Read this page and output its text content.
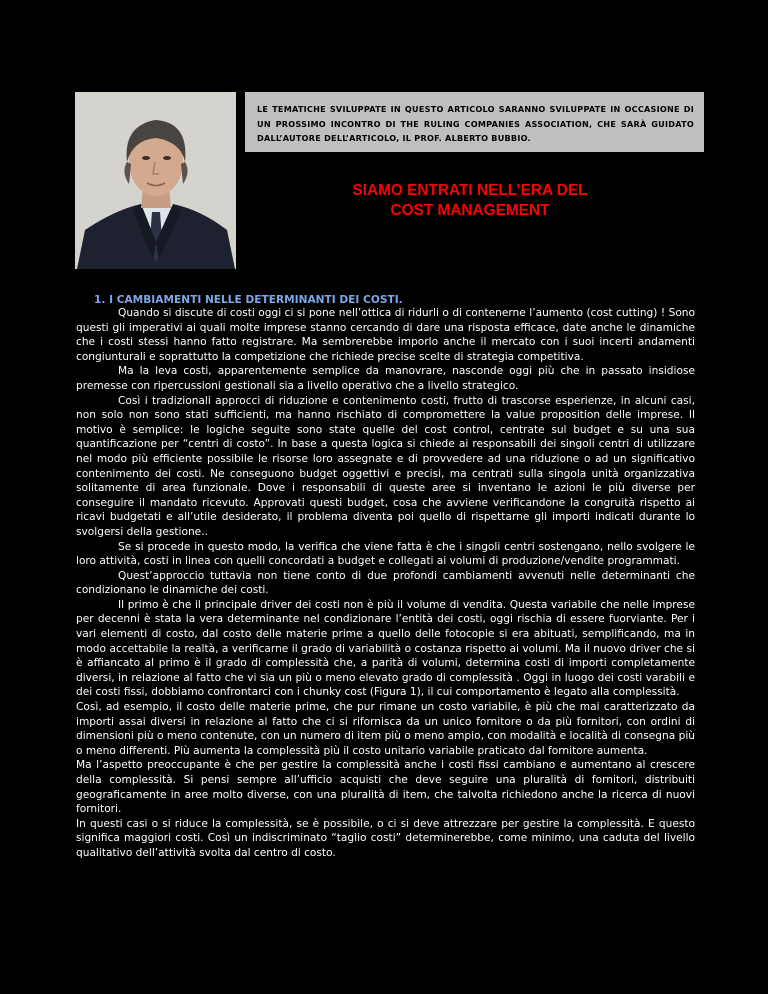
LE TEMATICHE SVILUPPATE IN QUESTO ARTICOLO SARANNO SVILUPPATE IN OCCASIONE DI UN PROSSIMO INCONTRO DI THE RULING COMPANIES ASSOCIATION, CHE SARÀ GUIDATO DALL’AUTORE DELL’ARTICOLO, IL PROF. ALBERTO BUBBIO.
SIAMO ENTRATI NELL’ERA DEL
COST MANAGEMENT
1. I CAMBIAMENTI NELLE DETERMINANTI DEI COSTI.

Quando si discute di costi oggi ci si pone nell’ottica di ridurli o di contenerne l’aumento (cost cutting) ! Sono questi gli imperativi ai quali molte imprese stanno cercando di dare una risposta efficace, date anche le dinamiche che i costi stessi hanno fatto registrare. Ma sembrerebbe imporlo anche il mercato con i suoi incerti andamenti congiunturali e soprattutto la competizione che richiede precise scelte di strategia competitiva.

Ma la leva costi, apparentemente semplice da manovrare, nasconde oggi più che in passato insidiose premesse con ripercussioni gestionali sia a livello operativo che a livello strategico.

Così i tradizionali approcci di riduzione e contenimento costi, frutto di trascorse esperienze, in alcuni casi, non solo non sono stati sufficienti, ma hanno rischiato di compromettere la value proposition delle imprese. Il motivo è semplice: le logiche seguite sono state quelle del cost control, centrate sul budget e su una sua quantificazione per “centri di costo”. In base a questa logica si chiede ai responsabili dei singoli centri di utilizzare nel modo più efficiente possibile le risorse loro assegnate e di provvedere ad una riduzione o ad un significativo contenimento dei costi. Ne conseguono budget oggettivi e precisi, ma centrati sulla singola unità organizzativa solitamente di area funzionale. Dove i responsabili di queste aree si inventano le azioni le più diverse per conseguire il mandato ricevuto. Approvati questi budget, cosa che avviene verificandone la congruità rispetto ai ricavi budgetati e all’utile desiderato, il problema diventa poi quello di rispettarne gli importi indicati durante lo svolgersi della gestione..

Se si procede in questo modo, la verifica che viene fatta è che i singoli centri sostengano, nello svolgere le loro attività, costi in linea con quelli concordati a budget e collegati ai volumi di produzione/vendite programmati.

Quest’approccio tuttavia non tiene conto di due profondi cambiamenti avvenuti nelle determinanti che condizionano le dinamiche dei costi.

Il primo è che il principale driver dei costi non è più il volume di vendita. Questa variabile che nelle imprese per decenni è stata la vera determinante nel condizionare l’entità dei costi, oggi rischia di essere fuorviante. Per i vari elementi di costo, dal costo delle materie prime a quello delle fotocopie si era abituati, semplificando, ma in modo accettabile la realtà, a verificarne il grado di variabilità o costanza rispetto ai volumi. Ma il nuovo driver che si è affiancato al primo è il grado di complessità che, a parità di volumi, determina costi di importi completamente diversi, in relazione al fatto che vi sia un più o meno elevato grado di complessità . Oggi in luogo dei costi varabili e dei costi fissi, dobbiamo confrontarci con i chunky cost (Figura 1), il cui comportamento è legato alla complessità.

Così, ad esempio, il costo delle materie prime, che pur rimane un costo variabile, è più che mai caratterizzato da importi assai diversi in relazione al fatto che ci si rifornisca da un unico fornitore o da più fornitori, con ordini di dimensioni più o meno contenute, con un numero di item più o meno ampio, con modalità e località di consegna più o meno differenti. Più aumenta la complessità più il costo unitario variabile praticato dal fornitore aumenta.

Ma l’aspetto preoccupante è che per gestire la complessità anche i costi fissi cambiano e aumentano al crescere della complessità. Si pensi sempre all’ufficio acquisti che deve seguire una pluralità di fornitori, distribuiti geograficamente in aree molto diverse, con una pluralità di item, che talvolta richiedono anche la ricerca di nuovi fornitori.

In questi casi o si riduce la complessità, se è possibile, o ci si deve attrezzare per gestire la complessità. E questo significa maggiori costi. Così un indiscriminato “taglio costi” determinerebbe, come minimo, una caduta del livello qualitativo dell’attività svolta dal centro di costo.
